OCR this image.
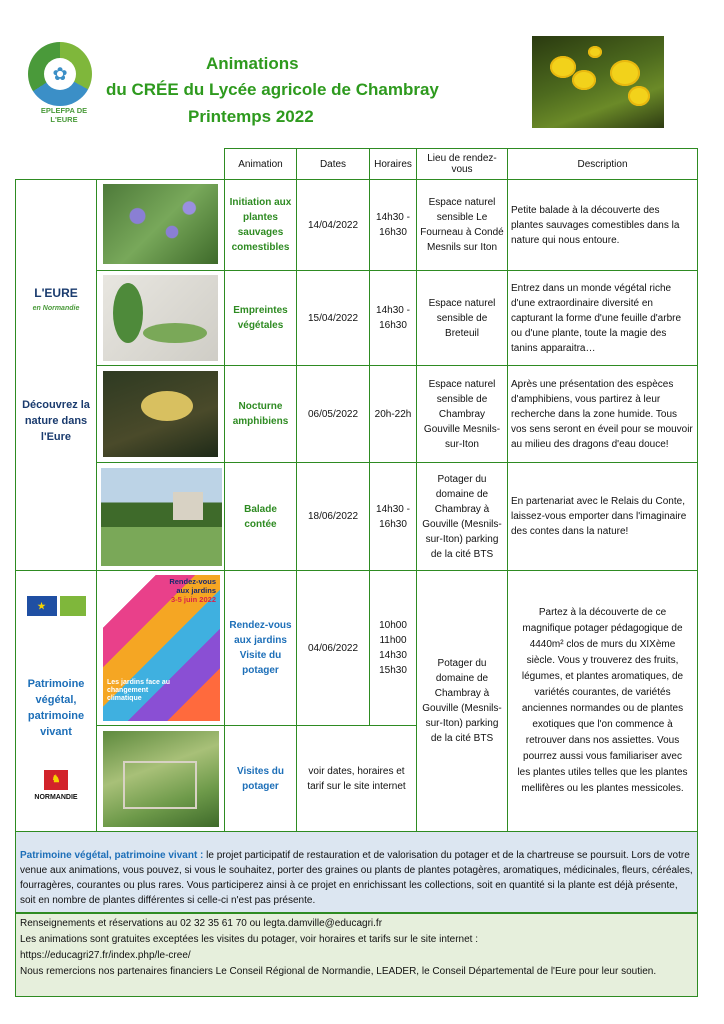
✿
EPLEFPA DE L'EURE
Animations
du CRÉE du Lycée agricole de Chambray
Printemps 2022
Animation	Dates	Horaires	Lieu de rendez-vous	Description
L'EURE
en Normandie
Découvrez la nature dans l'Eure
★
Patrimoine végétal, patrimoine vivant
♞
NORMANDIE
Rendez-vous
aux jardins
3-5 juin 2022
Les jardins face au changement climatique
Initiation aux plantes sauvages comestibles
14/04/2022
14h30 - 16h30
Espace naturel sensible Le Fourneau à Condé Mesnils sur Iton
Petite balade à la découverte des plantes sauvages comestibles dans la nature qui nous entoure.
Empreintes végétales
15/04/2022
14h30 - 16h30
Espace naturel sensible de Breteuil
Entrez dans un monde végétal riche d'une extraordinaire diversité en capturant la forme d'une feuille d'arbre ou d'une plante, toute la magie des tanins apparaitra…
Nocturne amphibiens
06/05/2022	20h-22h
Espace naturel sensible de Chambray Gouville Mesnils-sur-Iton
Après une présentation des espèces d'amphibiens, vous partirez à leur recherche dans la zone humide. Tous vos sens seront en éveil pour se mouvoir au milieu des dragons d'eau douce!
Balade contée
18/06/2022
14h30 - 16h30
Potager du domaine de Chambray à Gouville (Mesnils-sur-Iton) parking de la cité BTS
En partenariat avec le Relais du Conte, laissez-vous emporter dans l'imaginaire des contes dans la nature!
Rendez-vous aux jardins Visite du potager
04/06/2022
10h00
11h00
14h30
15h30
Visites du potager
voir dates, horaires et tarif sur le site internet
Potager du domaine de Chambray à Gouville (Mesnils-sur-Iton) parking de la cité BTS
Partez à la découverte de ce magnifique potager pédagogique de 4440m² clos de murs du XIXème siècle. Vous y trouverez des fruits, légumes, et plantes aromatiques, de variétés courantes, de variétés anciennes normandes ou de plantes exotiques que l'on commence à retrouver dans nos assiettes. Vous pourrez aussi vous familiariser avec les plantes utiles telles que les plantes mellifères ou les plantes messicoles.
Patrimoine végétal, patrimoine vivant : le projet participatif de restauration et de valorisation du potager et de la chartreuse se poursuit. Lors de votre venue aux animations, vous pouvez, si vous le souhaitez, porter des graines ou plants de plantes potagères, aromatiques, médicinales, fleurs, céréales, fourragères, courantes ou plus rares. Vous participerez ainsi à ce projet en enrichissant les collections, soit en quantité si la plante est déjà présente, soit en nombre de plantes différentes si celle-ci n'est pas présente.
Renseignements et réservations au 02 32 35 61 70 ou legta.damville@educagri.fr
Les animations sont gratuites exceptées les visites du potager, voir horaires et tarifs sur le site internet :
https://educagri27.fr/index.php/le-cree/
Nous remercions nos partenaires financiers Le Conseil Régional de Normandie, LEADER, le Conseil Départemental de l'Eure pour leur soutien.
